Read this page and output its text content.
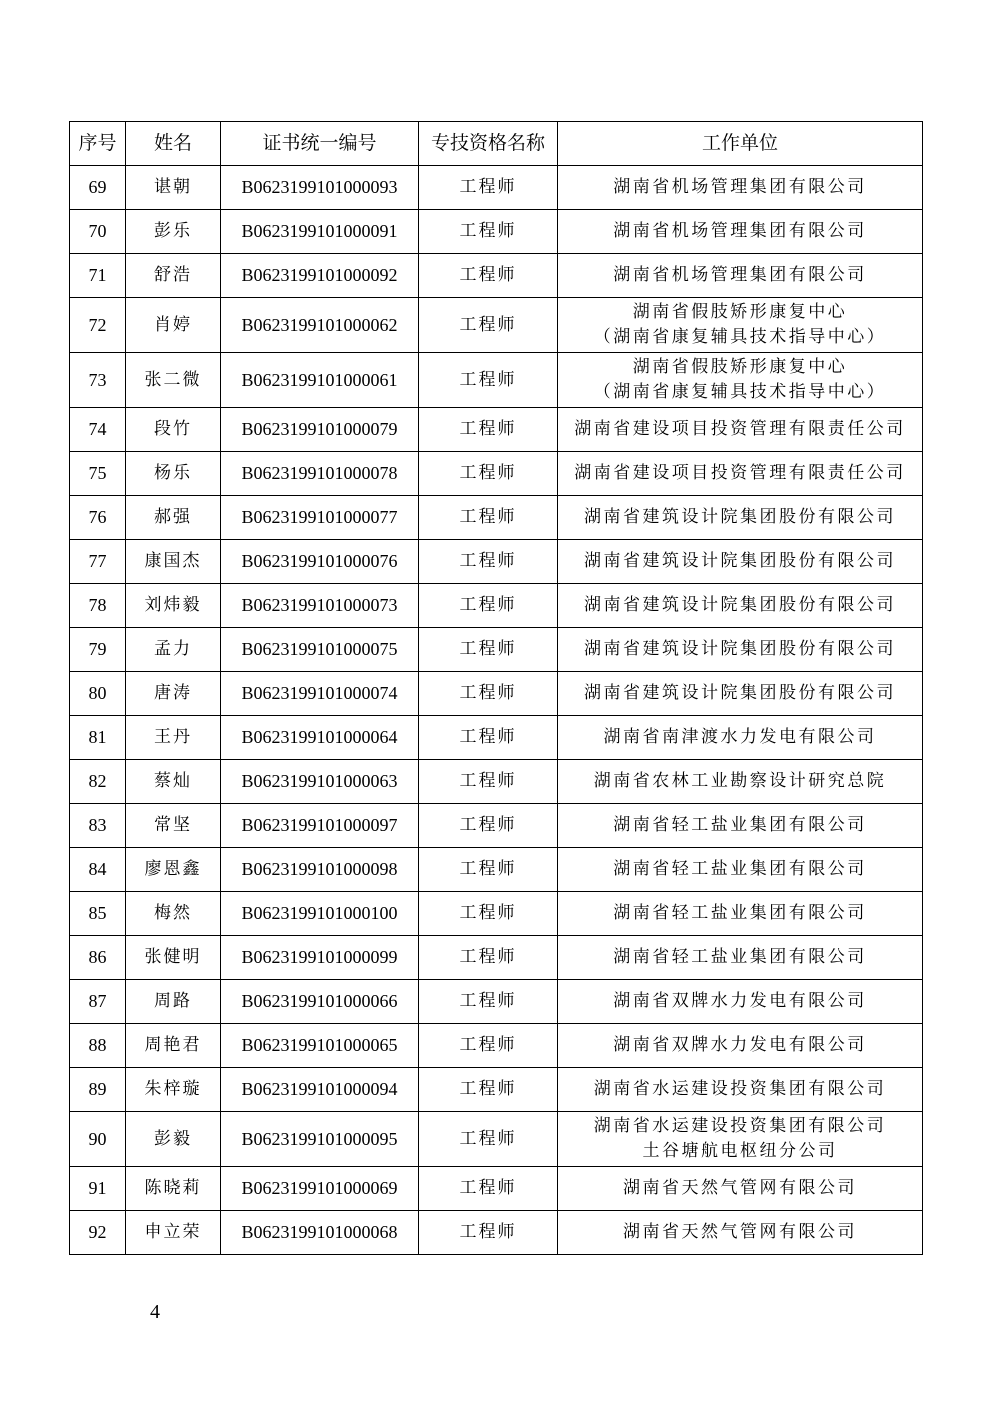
序号	姓名	证书统一编号	专技资格名称	工作单位
69	谌朝	B0623199101000093	工程师	湖南省机场管理集团有限公司

70	彭乐	B0623199101000091	工程师	湖南省机场管理集团有限公司

71	舒浩	B0623199101000092	工程师	湖南省机场管理集团有限公司

72	肖婷	B0623199101000062	工程师	湖南省假肢矫形康复中心
（湖南省康复辅具技术指导中心）

73	张二微	B0623199101000061	工程师	湖南省假肢矫形康复中心
（湖南省康复辅具技术指导中心）

74	段竹	B0623199101000079	工程师	湖南省建设项目投资管理有限责任公司

75	杨乐	B0623199101000078	工程师	湖南省建设项目投资管理有限责任公司

76	郝强	B0623199101000077	工程师	湖南省建筑设计院集团股份有限公司

77	康国杰	B0623199101000076	工程师	湖南省建筑设计院集团股份有限公司

78	刘炜毅	B0623199101000073	工程师	湖南省建筑设计院集团股份有限公司

79	孟力	B0623199101000075	工程师	湖南省建筑设计院集团股份有限公司

80	唐涛	B0623199101000074	工程师	湖南省建筑设计院集团股份有限公司

81	王丹	B0623199101000064	工程师	湖南省南津渡水力发电有限公司

82	蔡灿	B0623199101000063	工程师	湖南省农林工业勘察设计研究总院

83	常坚	B0623199101000097	工程师	湖南省轻工盐业集团有限公司

84	廖恩鑫	B0623199101000098	工程师	湖南省轻工盐业集团有限公司

85	梅然	B0623199101000100	工程师	湖南省轻工盐业集团有限公司

86	张健明	B0623199101000099	工程师	湖南省轻工盐业集团有限公司

87	周路	B0623199101000066	工程师	湖南省双牌水力发电有限公司

88	周艳君	B0623199101000065	工程师	湖南省双牌水力发电有限公司

89	朱梓璇	B0623199101000094	工程师	湖南省水运建设投资集团有限公司

90	彭毅	B0623199101000095	工程师	湖南省水运建设投资集团有限公司
土谷塘航电枢纽分公司

91	陈晓莉	B0623199101000069	工程师	湖南省天然气管网有限公司

92	申立荣	B0623199101000068	工程师	湖南省天然气管网有限公司
4
